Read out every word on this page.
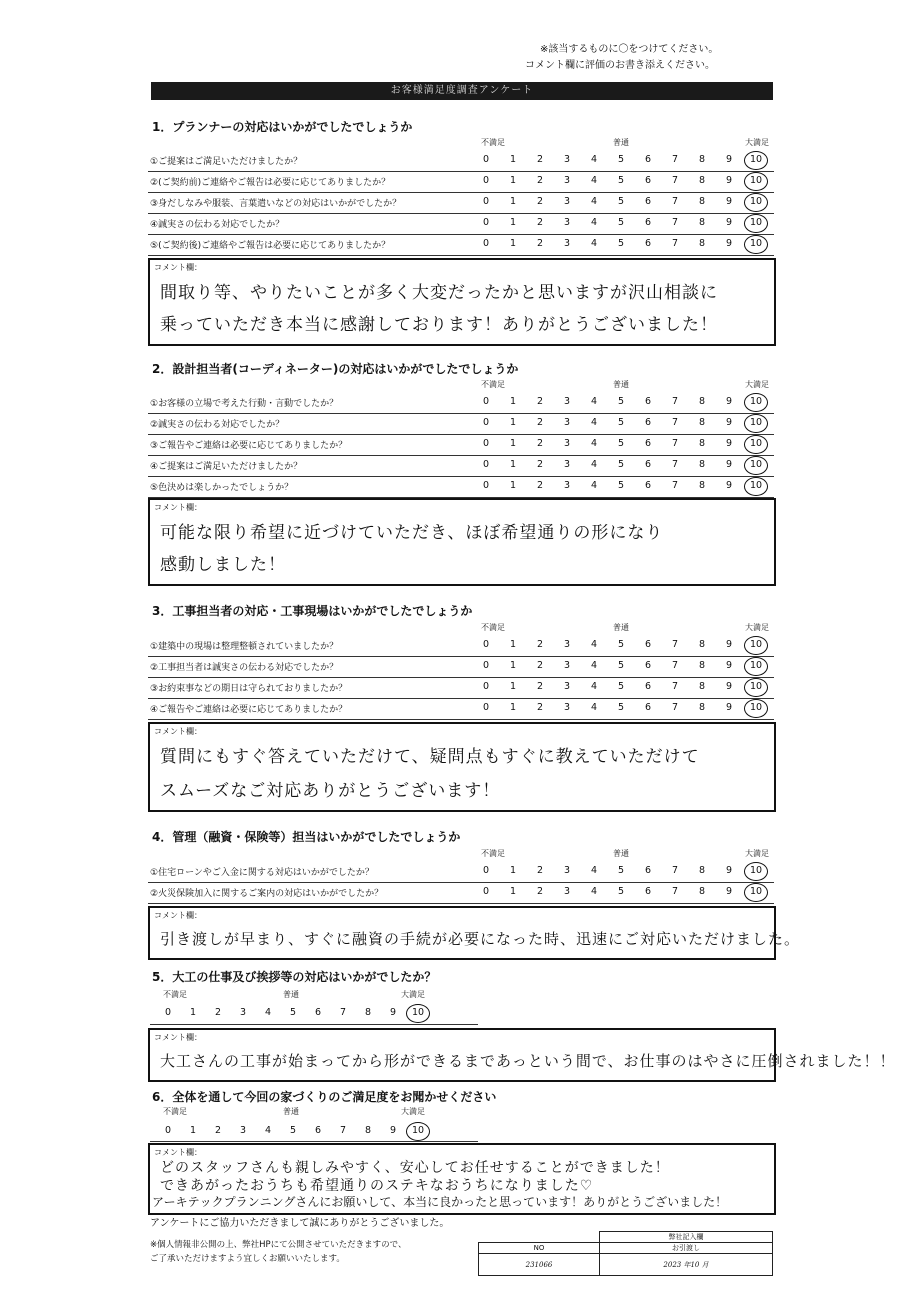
※該当するものに〇をつけてください。
コメント欄に評価のお書き添えください。
お客様満足度調査アンケート
1．プランナーの対応はいかがでしたでしょうか
不満足	普通	大満足
①ご提案はご満足いただけましたか？	0	1	2	3	4	5	6	7	8	9	10
②(ご契約前)ご連絡やご報告は必要に応じてありましたか？	0	1	2	3	4	5	6	7	8	9	10
③身だしなみや服装、言葉遣いなどの対応はいかがでしたか？	0	1	2	3	4	5	6	7	8	9	10
④誠実さの伝わる対応でしたか？	0	1	2	3	4	5	6	7	8	9	10
⑤(ご契約後)ご連絡やご報告は必要に応じてありましたか？	0	1	2	3	4	5	6	7	8	9	10
コメント欄：
間取り等、やりたいことが多く大変だったかと思いますが沢山相談に
乗っていただき本当に感謝しております！ありがとうございました！
2．設計担当者(コーディネーター)の対応はいかがでしたでしょうか
不満足	普通	大満足
①お客様の立場で考えた行動・言動でしたか？	0	1	2	3	4	5	6	7	8	9	10
②誠実さの伝わる対応でしたか？	0	1	2	3	4	5	6	7	8	9	10
③ご報告やご連絡は必要に応じてありましたか？	0	1	2	3	4	5	6	7	8	9	10
④ご提案はご満足いただけましたか？	0	1	2	3	4	5	6	7	8	9	10
⑤色決めは楽しかったでしょうか？	0	1	2	3	4	5	6	7	8	9	10
コメント欄：
可能な限り希望に近づけていただき、ほぼ希望通りの形になり
感動しました！
3．工事担当者の対応・工事現場はいかがでしたでしょうか
不満足	普通	大満足
①建築中の現場は整理整頓されていましたか？	0	1	2	3	4	5	6	7	8	9	10
②工事担当者は誠実さの伝わる対応でしたか？	0	1	2	3	4	5	6	7	8	9	10
③お約束事などの期日は守られておりましたか？	0	1	2	3	4	5	6	7	8	9	10
④ご報告やご連絡は必要に応じてありましたか？	0	1	2	3	4	5	6	7	8	9	10
コメント欄：
質問にもすぐ答えていただけて、疑問点もすぐに教えていただけて
スムーズなご対応ありがとうございます！
4．管理（融資・保険等）担当はいかがでしたでしょうか
不満足	普通	大満足
①住宅ローンやご入金に関する対応はいかがでしたか？	0	1	2	3	4	5	6	7	8	9	10
②火災保険加入に関するご案内の対応はいかがでしたか？	0	1	2	3	4	5	6	7	8	9	10
コメント欄：
引き渡しが早まり、すぐに融資の手続が必要になった時、迅速にご対応いただけました。
5．大工の仕事及び挨拶等の対応はいかがでしたか？
不満足	普通	大満足
0	1	2	3	4	5	6	7	8	9	10
コメント欄：
大工さんの工事が始まってから形ができるまであっという間で、お仕事のはやさに圧倒されました！！
6．全体を通して今回の家づくりのご満足度をお聞かせください
不満足	普通	大満足
0	1	2	3	4	5	6	7	8	9	10
コメント欄：
どのスタッフさんも親しみやすく、安心してお任せすることができました！
できあがったおうちも希望通りのステキなおうちになりました♡
アーキテックプランニングさんにお願いして、本当に良かったと思っています！ありがとうございました！
アンケートにご協力いただきまして誠にありがとうございました。
※個人情報非公開の上、弊社HPにて公開させていただきますので、
ご了承いただけますよう宜しくお願いいたします。
	弊社記入欄
NO	お引渡し
231066	2023 年10 月
